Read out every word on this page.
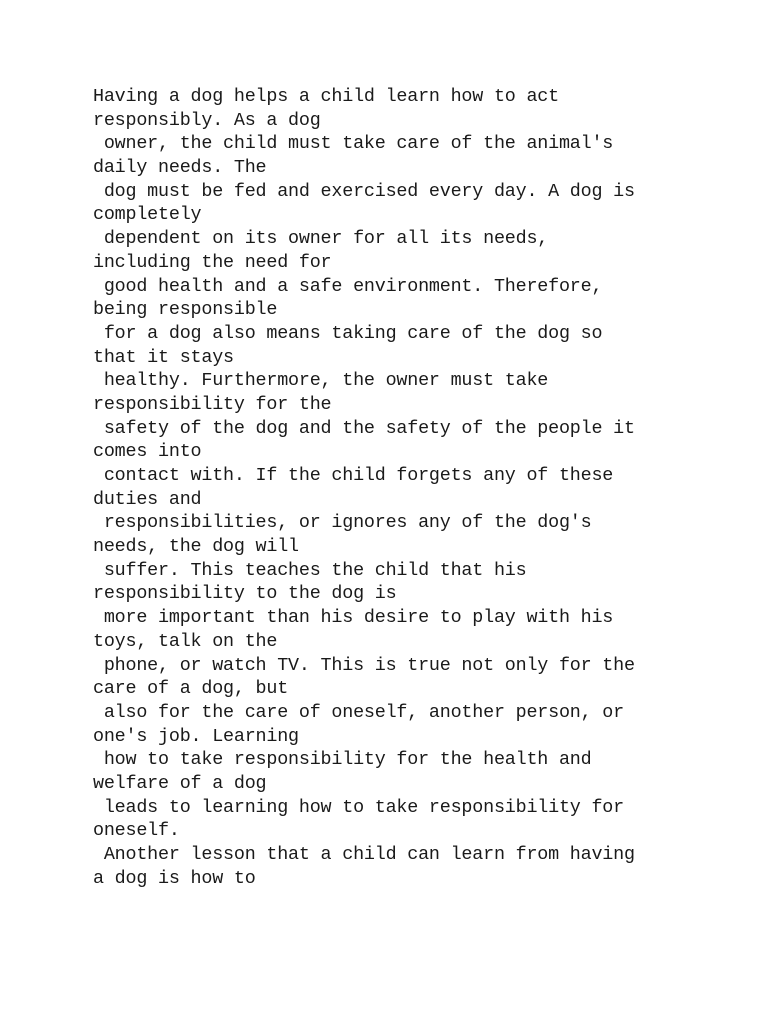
Having a dog helps a child learn how to act
responsibly. As a dog
owner, the child must take care of the animal's
daily needs. The
dog must be fed and exercised every day. A dog is
completely
dependent on its owner for all its needs,
including the need for
good health and a safe environment. Therefore,
being responsible
for a dog also means taking care of the dog so
that it stays
healthy. Furthermore, the owner must take
responsibility for the
safety of the dog and the safety of the people it
comes into
contact with. If the child forgets any of these
duties and
responsibilities, or ignores any of the dog's
needs, the dog will
suffer. This teaches the child that his
responsibility to the dog is
more important than his desire to play with his
toys, talk on the
phone, or watch TV. This is true not only for the
care of a dog, but
also for the care of oneself, another person, or
one's job. Learning
how to take responsibility for the health and
welfare of a dog
leads to learning how to take responsibility for
oneself.
Another lesson that a child can learn from having
a dog is how to
